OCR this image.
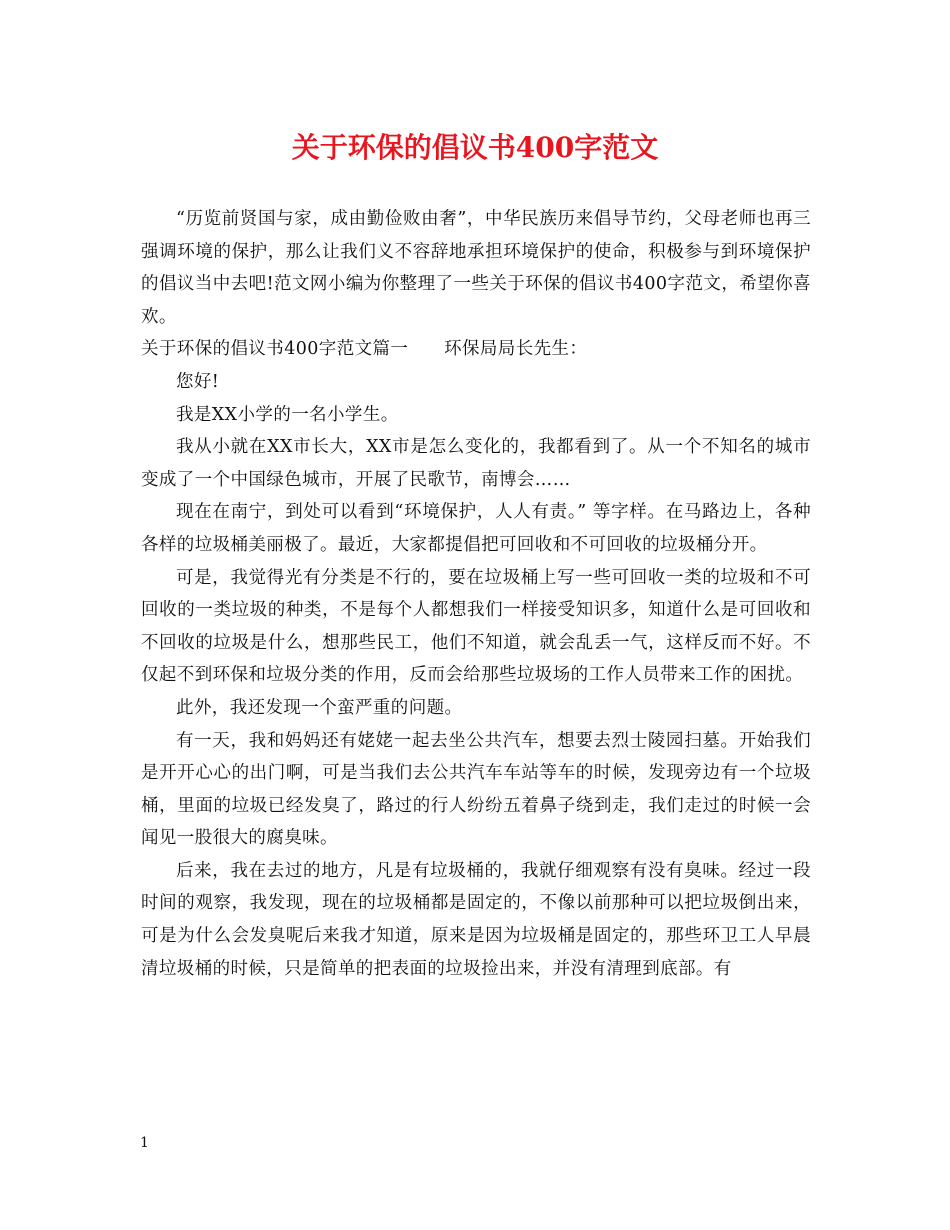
关于环保的倡议书400字范文

“历览前贤国与家，成由勤俭败由奢”，中华民族历来倡导节约，父母老师也再三强调环境的保护，那么让我们义不容辞地承担环境保护的使命，积极参与到环境保护的倡议当中去吧!范文网小编为你整理了一些关于环保的倡议书400字范文，希望你喜欢。

关于环保的倡议书400字范文篇一　　环保局局长先生：

您好!

我是XX小学的一名小学生。

我从小就在XX市长大，XX市是怎么变化的，我都看到了。从一个不知名的城市变成了一个中国绿色城市，开展了民歌节，南博会……

现在在南宁，到处可以看到“环境保护，人人有责。” 等字样。在马路边上，各种各样的垃圾桶美丽极了。最近，大家都提倡把可回收和不可回收的垃圾桶分开。

可是，我觉得光有分类是不行的，要在垃圾桶上写一些可回收一类的垃圾和不可回收的一类垃圾的种类，不是每个人都想我们一样接受知识多，知道什么是可回收和不回收的垃圾是什么，想那些民工，他们不知道，就会乱丢一气，这样反而不好。不仅起不到环保和垃圾分类的作用，反而会给那些垃圾场的工作人员带来工作的困扰。

此外，我还发现一个蛮严重的问题。

有一天，我和妈妈还有姥姥一起去坐公共汽车，想要去烈士陵园扫墓。开始我们是开开心心的出门啊，可是当我们去公共汽车车站等车的时候，发现旁边有一个垃圾桶，里面的垃圾已经发臭了，路过的行人纷纷五着鼻子绕到走，我们走过的时候一会闻见一股很大的腐臭味。

后来，我在去过的地方，凡是有垃圾桶的，我就仔细观察有没有臭味。经过一段时间的观察，我发现，现在的垃圾桶都是固定的，不像以前那种可以把垃圾倒出来，可是为什么会发臭呢后来我才知道，原来是因为垃圾桶是固定的，那些环卫工人早晨清垃圾桶的时候，只是简单的把表面的垃圾捡出来，并没有清理到底部。有

1
